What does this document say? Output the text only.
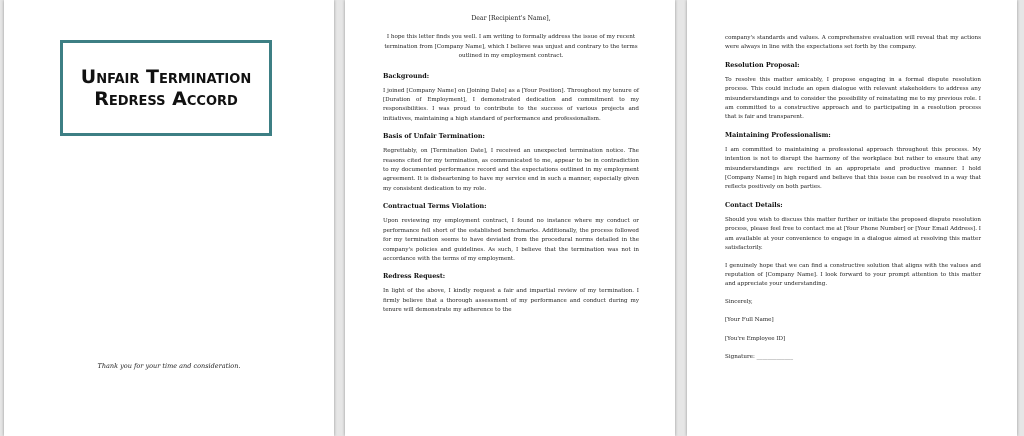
Unfair Termination Redress Accord
Thank you for your time and consideration.

Dear [Recipient's Name],

I hope this letter finds you well. I am writing to formally address the issue of my recent termination from [Company Name], which I believe was unjust and contrary to the terms outlined in my employment contract.

Background:

I joined [Company Name] on [Joining Date] as a [Your Position]. Throughout my tenure of [Duration of Employment], I demonstrated dedication and commitment to my responsibilities. I was proud to contribute to the success of various projects and initiatives, maintaining a high standard of performance and professionalism.

Basis of Unfair Termination:

Regrettably, on [Termination Date], I received an unexpected termination notice. The reasons cited for my termination, as communicated to me, appear to be in contradiction to my documented performance record and the expectations outlined in my employment agreement. It is disheartening to have my service end in such a manner, especially given my consistent dedication to my role.

Contractual Terms Violation:

Upon reviewing my employment contract, I found no instance where my conduct or performance fell short of the established benchmarks. Additionally, the process followed for my termination seems to have deviated from the procedural norms detailed in the company's policies and guidelines. As such, I believe that the termination was not in accordance with the terms of my employment.

Redress Request:

In light of the above, I kindly request a fair and impartial review of my termination. I firmly believe that a thorough assessment of my performance and conduct during my tenure will demonstrate my adherence to the

company's standards and values. A comprehensive evaluation will reveal that my actions were always in line with the expectations set forth by the company.

Resolution Proposal:

To resolve this matter amicably, I propose engaging in a formal dispute resolution process. This could include an open dialogue with relevant stakeholders to address any misunderstandings and to consider the possibility of reinstating me to my previous role. I am committed to a constructive approach and to participating in a resolution process that is fair and transparent.

Maintaining Professionalism:

I am committed to maintaining a professional approach throughout this process. My intention is not to disrupt the harmony of the workplace but rather to ensure that any misunderstandings are rectified in an appropriate and productive manner. I hold [Company Name] in high regard and believe that this issue can be resolved in a way that reflects positively on both parties.

Contact Details:

Should you wish to discuss this matter further or initiate the proposed dispute resolution process, please feel free to contact me at [Your Phone Number] or [Your Email Address]. I am available at your convenience to engage in a dialogue aimed at resolving this matter satisfactorily.

I genuinely hope that we can find a constructive solution that aligns with the values and reputation of [Company Name]. I look forward to your prompt attention to this matter and appreciate your understanding.

Sincerely,

[Your Full Name]

[You're Employee ID]

Signature: _____________
